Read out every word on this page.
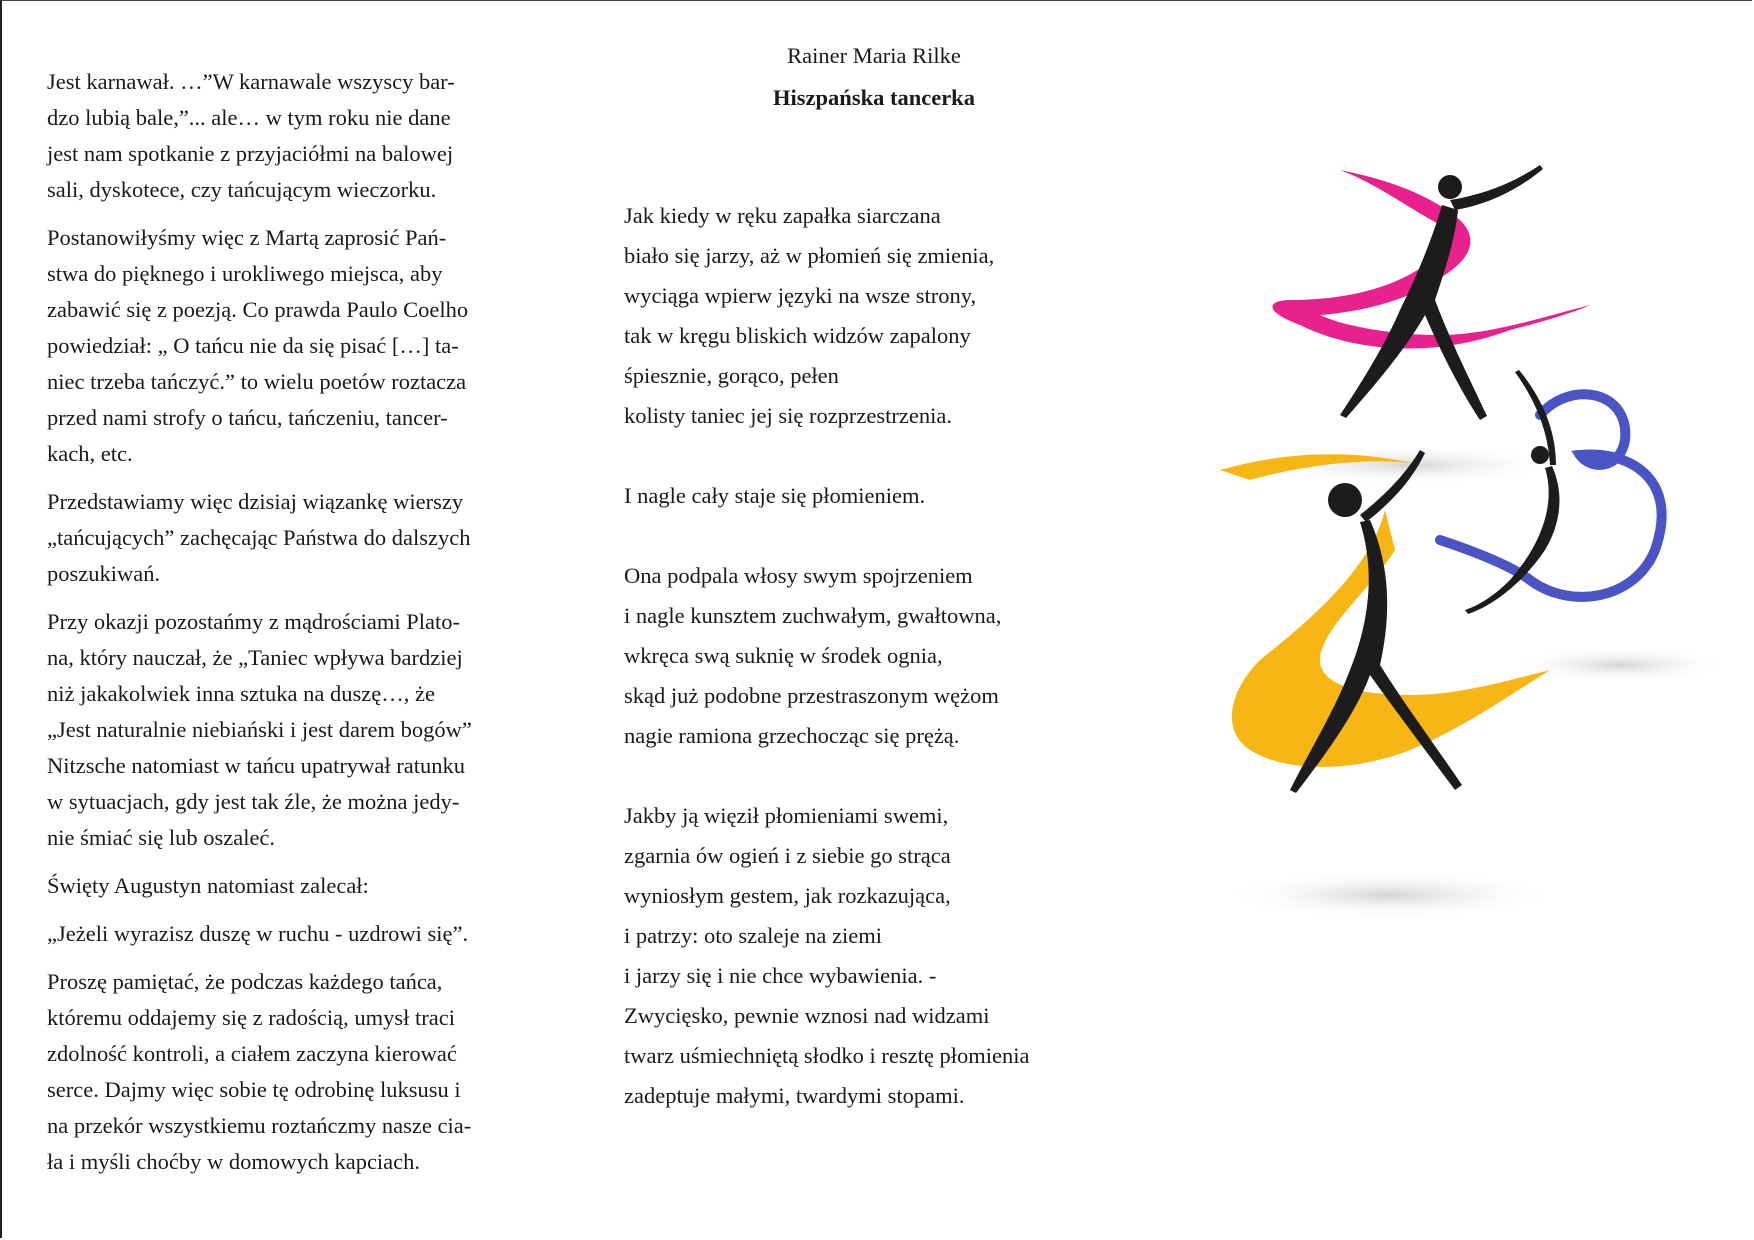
Jest karnawał. …”W karnawale wszyscy bar-
dzo lubią bale,”... ale… w tym roku nie dane
jest nam spotkanie z przyjaciółmi na balowej
sali, dyskotece, czy tańcującym wieczorku.

Postanowiłyśmy więc z Martą zaprosić Pań-
stwa do pięknego i urokliwego miejsca, aby
zabawić się z poezją. Co prawda Paulo Coelho
powiedział: „ O tańcu nie da się pisać […] ta-
niec trzeba tańczyć.” to wielu poetów roztacza
przed nami strofy o tańcu, tańczeniu, tancer-
kach, etc.

Przedstawiamy więc dzisiaj wiązankę wierszy
„tańcujących” zachęcając Państwa do dalszych
poszukiwań.

Przy okazji pozostańmy z mądrościami Plato-
na, który nauczał, że „Taniec wpływa bardziej
niż jakakolwiek inna sztuka na duszę…, że
„Jest naturalnie niebiański i jest darem bogów”
Nitzsche natomiast w tańcu upatrywał ratunku
w sytuacjach, gdy jest tak źle, że można jedy-
nie śmiać się lub oszaleć.

Święty Augustyn natomiast zalecał:

„Jeżeli wyrazisz duszę w ruchu - uzdrowi się”.

Proszę pamiętać, że podczas każdego tańca,
któremu oddajemy się z radością, umysł traci
zdolność kontroli, a ciałem zaczyna kierować
serce. Dajmy więc sobie tę odrobinę luksusu i
na przekór wszystkiemu roztańczmy nasze cia-
ła i myśli choćby w domowych kapciach.

Rainer Maria Rilke
Hiszpańska tancerka
Jak kiedy w ręku zapałka siarczana
biało się jarzy, aż w płomień się zmienia,
wyciąga wpierw języki na wsze strony,
tak w kręgu bliskich widzów zapalony
śpiesznie, gorąco, pełen
kolisty taniec jej się rozprzestrzenia.
I nagle cały staje się płomieniem.
Ona podpala włosy swym spojrzeniem
i nagle kunsztem zuchwałym, gwałtowna,
wkręca swą suknię w środek ognia,
skąd już podobne przestraszonym wężom
nagie ramiona grzechocząc się prężą.
Jakby ją więził płomieniami swemi,
zgarnia ów ogień i z siebie go strąca
wyniosłym gestem, jak rozkazująca,
i patrzy: oto szaleje na ziemi
i jarzy się i nie chce wybawienia. -
Zwycięsko, pewnie wznosi nad widzami
twarz uśmiechniętą słodko i resztę płomienia
zadeptuje małymi, twardymi stopami.
